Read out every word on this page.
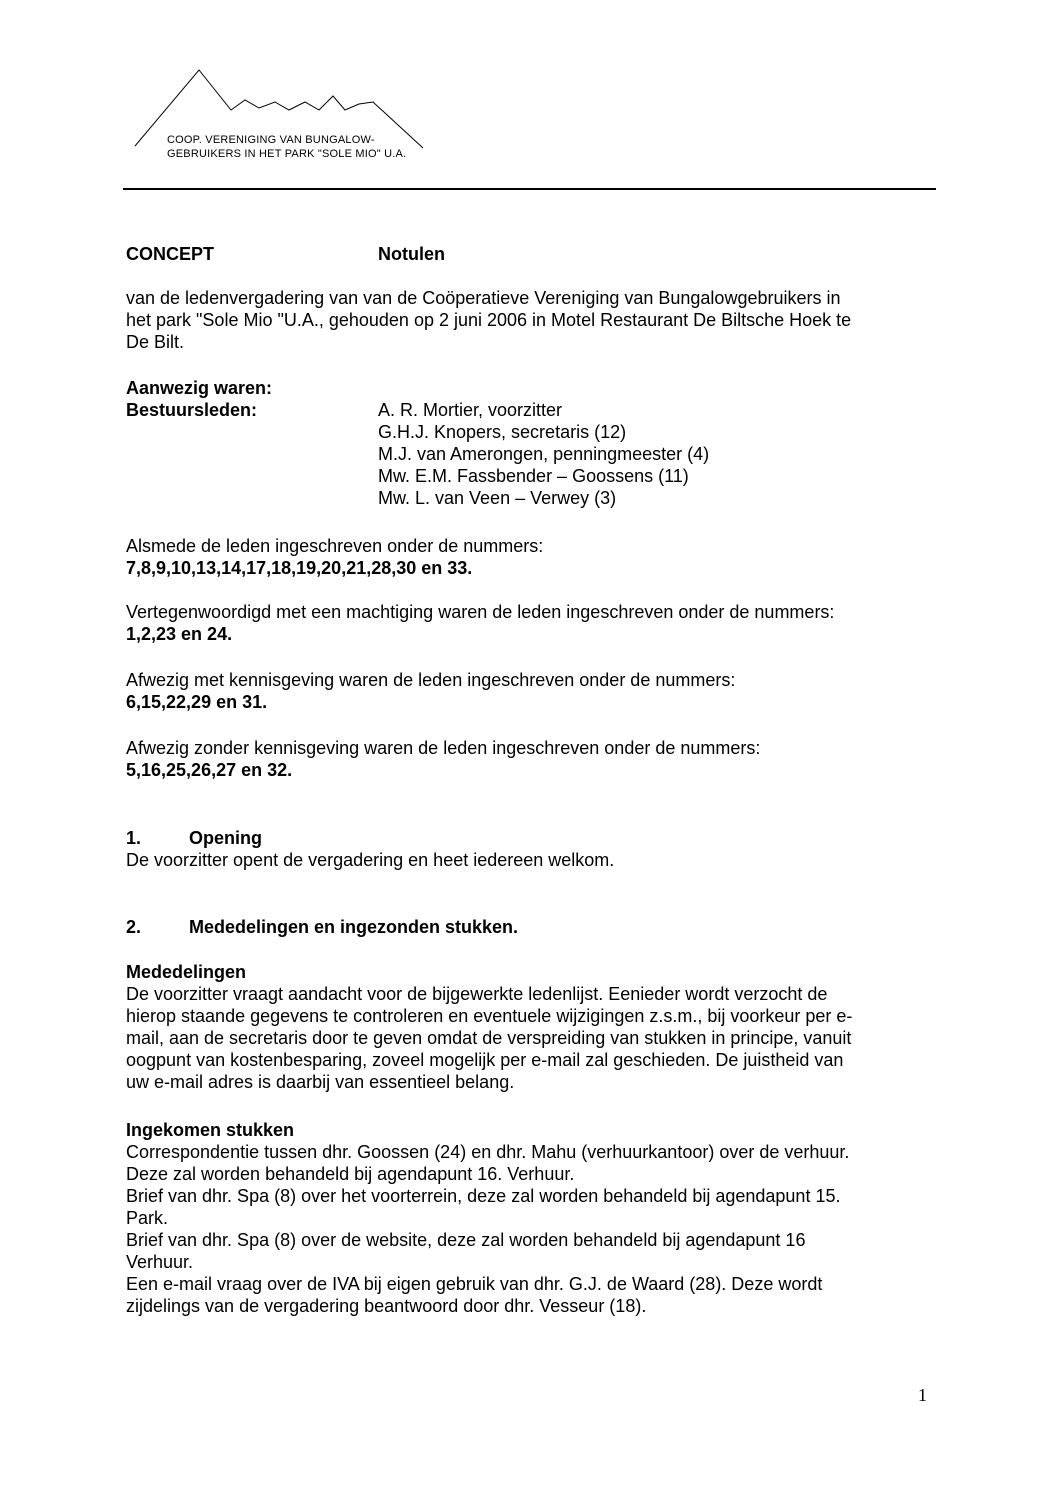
COOP. VERENIGING VAN BUNGALOW-
GEBRUIKERS IN HET PARK "SOLE MIO" U.A.
CONCEPT	Notulen
van de ledenvergadering van van de Coöperatieve Vereniging van Bungalowgebruikers in
het park "Sole Mio "U.A., gehouden op 2 juni 2006 in Motel Restaurant De Biltsche Hoek te
De Bilt.
Aanwezig waren:
Bestuursleden:	A. R. Mortier, voorzitter
G.H.J. Knopers, secretaris (12)
M.J. van Amerongen, penningmeester (4)
Mw. E.M. Fassbender – Goossens (11)
Mw. L. van Veen – Verwey (3)
Alsmede de leden ingeschreven onder de nummers:
7,8,9,10,13,14,17,18,19,20,21,28,30 en 33.
Vertegenwoordigd met een machtiging waren de leden ingeschreven onder de nummers:
1,2,23 en 24.
Afwezig met kennisgeving waren de leden ingeschreven onder de nummers:
6,15,22,29 en 31.
Afwezig zonder kennisgeving waren de leden ingeschreven onder de nummers:
5,16,25,26,27 en 32.
1.	Opening
De voorzitter opent de vergadering en heet iedereen welkom.
2.	Mededelingen en ingezonden stukken.
Mededelingen
De voorzitter vraagt aandacht voor de bijgewerkte ledenlijst. Eenieder wordt verzocht de
hierop staande gegevens te controleren en eventuele wijzigingen z.s.m., bij voorkeur per e-
mail, aan de secretaris door te geven omdat de verspreiding van stukken in principe, vanuit
oogpunt van kostenbesparing, zoveel mogelijk per e-mail zal geschieden. De juistheid van
uw e-mail adres is daarbij van essentieel belang.
Ingekomen stukken
Correspondentie tussen dhr. Goossen (24) en dhr. Mahu (verhuurkantoor) over de verhuur.
Deze zal worden behandeld bij agendapunt 16. Verhuur.
Brief van dhr. Spa (8) over het voorterrein, deze zal worden behandeld bij agendapunt 15.
Park.
Brief van dhr. Spa (8) over de website, deze zal worden behandeld bij agendapunt 16
Verhuur.
Een e-mail vraag over de IVA bij eigen gebruik van dhr. G.J. de Waard (28). Deze wordt
zijdelings van de vergadering beantwoord door dhr. Vesseur (18).
1
